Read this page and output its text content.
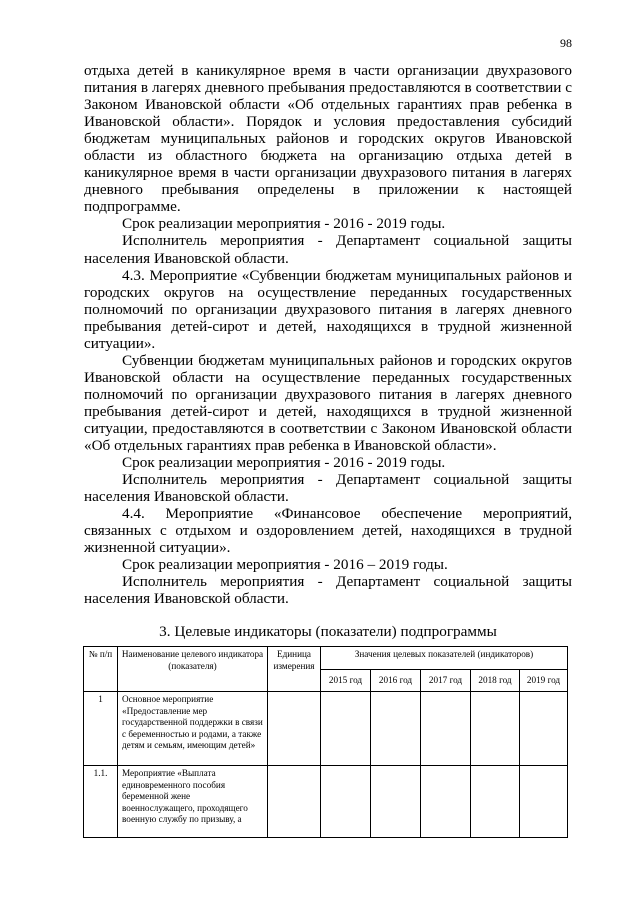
98

отдыха детей в каникулярное время в части организации двухразового питания в лагерях дневного пребывания предоставляются в соответствии с Законом Ивановской области «Об отдельных гарантиях прав ребенка в Ивановской области». Порядок и условия предоставления субсидий бюджетам муниципальных районов и городских округов Ивановской области из областного бюджета на организацию отдыха детей в каникулярное время в части организации двухразового питания в лагерях дневного пребывания определены в приложении к настоящей подпрограмме.

Срок реализации мероприятия - 2016 - 2019 годы.

Исполнитель мероприятия - Департамент социальной защиты населения Ивановской области.

4.3. Мероприятие «Субвенции бюджетам муниципальных районов и городских округов на осуществление переданных государственных полномочий по организации двухразового питания в лагерях дневного пребывания детей-сирот и детей, находящихся в трудной жизненной ситуации».

Субвенции бюджетам муниципальных районов и городских округов Ивановской области на осуществление переданных государственных полномочий по организации двухразового питания в лагерях дневного пребывания детей-сирот и детей, находящихся в трудной жизненной ситуации, предоставляются в соответствии с Законом Ивановской области «Об отдельных гарантиях прав ребенка в Ивановской области».

Срок реализации мероприятия - 2016 - 2019 годы.

Исполнитель мероприятия - Департамент социальной защиты населения Ивановской области.

4.4. Мероприятие «Финансовое обеспечение мероприятий, связанных с отдыхом и оздоровлением детей, находящихся в трудной жизненной ситуации».

Срок реализации мероприятия - 2016 – 2019 годы.

Исполнитель мероприятия - Департамент социальной защиты населения Ивановской области.

3. Целевые индикаторы (показатели) подпрограммы
№ п/п	Наименование целевого индикатора (показателя)	Единица измерения	Значения целевых показателей (индикаторов)				
			2015 год	2016 год	2017 год	2018 год	2019 год
1	Основное мероприятие «Предоставление мер государственной поддержки в связи с беременностью и родами, а также детям и семьям, имеющим детей»						
1.1.	Мероприятие «Выплата единовременного пособия беременной жене военнослужащего, проходящего военную службу по призыву, а						
